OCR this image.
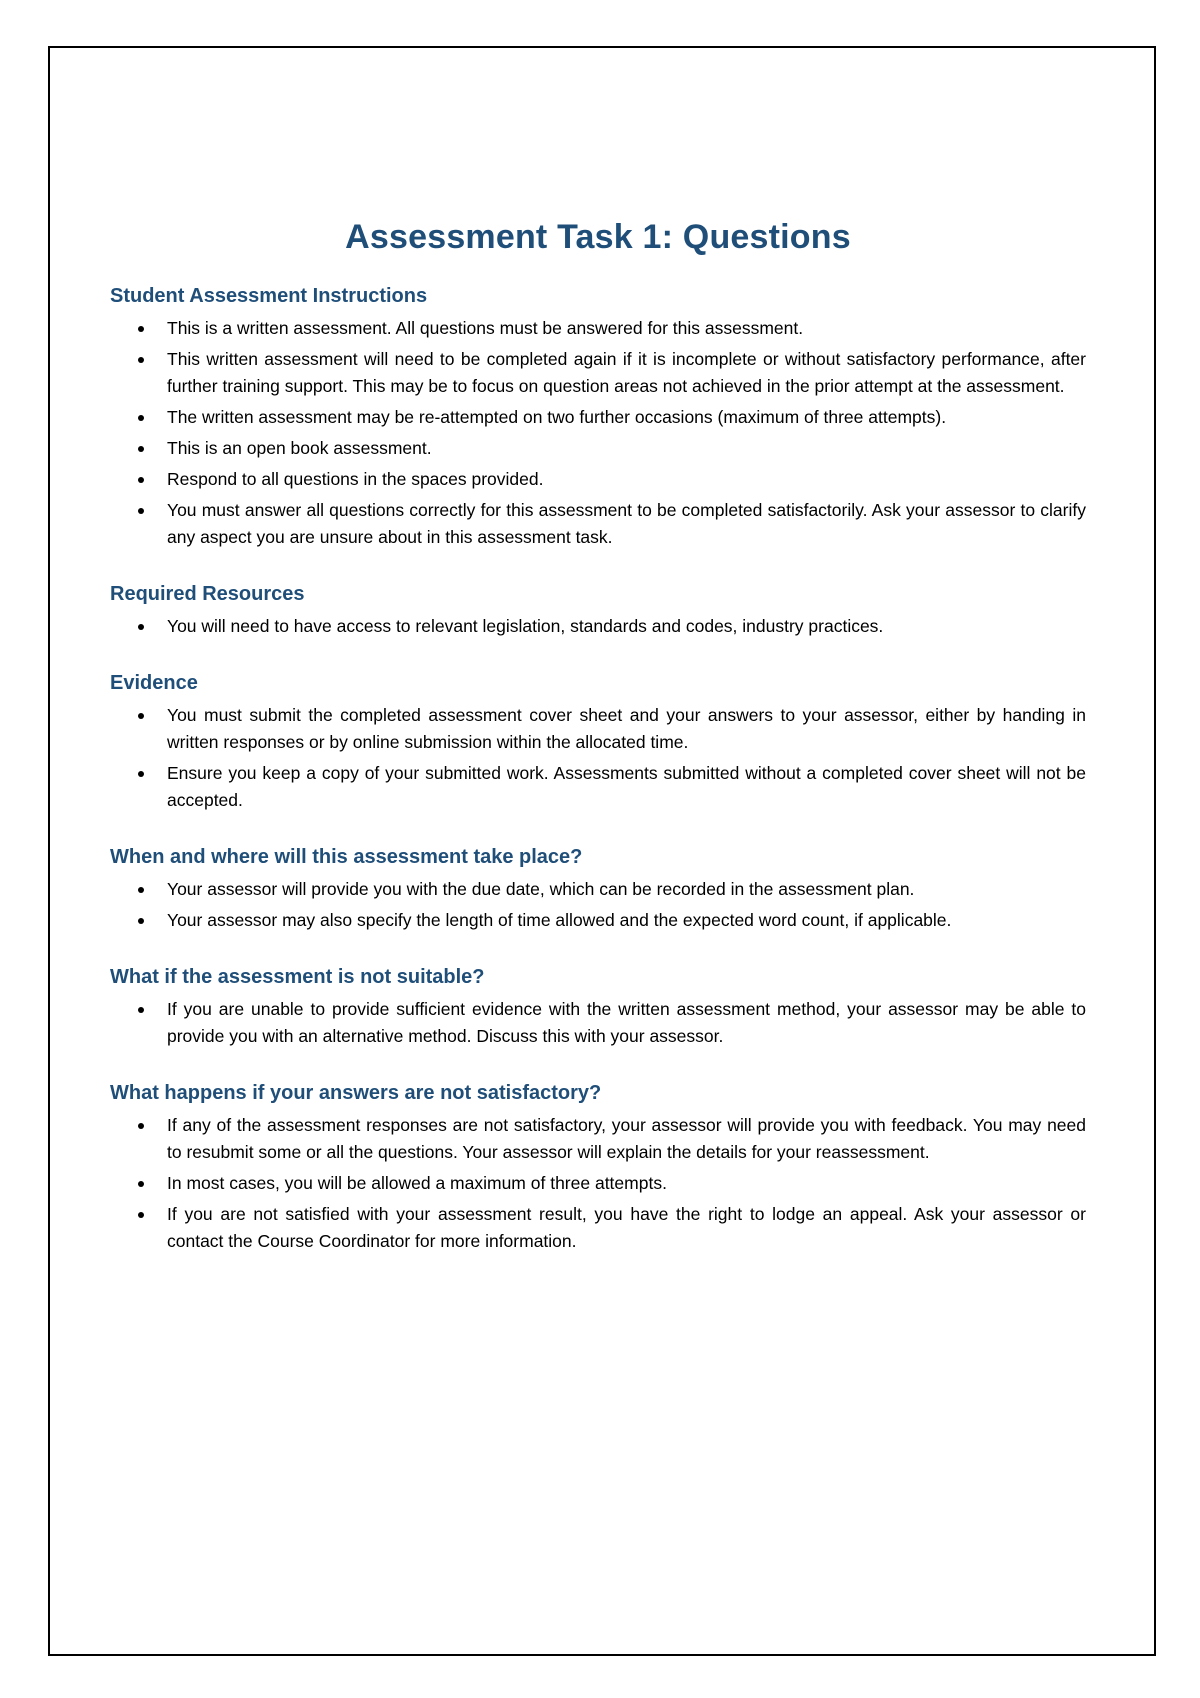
Assessment Task 1: Questions
Student Assessment Instructions
This is a written assessment. All questions must be answered for this assessment.
This written assessment will need to be completed again if it is incomplete or without satisfactory performance, after further training support. This may be to focus on question areas not achieved in the prior attempt at the assessment.
The written assessment may be re-attempted on two further occasions (maximum of three attempts).
This is an open book assessment.
Respond to all questions in the spaces provided.
You must answer all questions correctly for this assessment to be completed satisfactorily. Ask your assessor to clarify any aspect you are unsure about in this assessment task.
Required Resources
You will need to have access to relevant legislation, standards and codes, industry practices.
Evidence
You must submit the completed assessment cover sheet and your answers to your assessor, either by handing in written responses or by online submission within the allocated time.
Ensure you keep a copy of your submitted work. Assessments submitted without a completed cover sheet will not be accepted.
When and where will this assessment take place?
Your assessor will provide you with the due date, which can be recorded in the assessment plan.
Your assessor may also specify the length of time allowed and the expected word count, if applicable.
What if the assessment is not suitable?
If you are unable to provide sufficient evidence with the written assessment method, your assessor may be able to provide you with an alternative method. Discuss this with your assessor.
What happens if your answers are not satisfactory?
If any of the assessment responses are not satisfactory, your assessor will provide you with feedback. You may need to resubmit some or all the questions. Your assessor will explain the details for your reassessment.
In most cases, you will be allowed a maximum of three attempts.
If you are not satisfied with your assessment result, you have the right to lodge an appeal. Ask your assessor or contact the Course Coordinator for more information.
